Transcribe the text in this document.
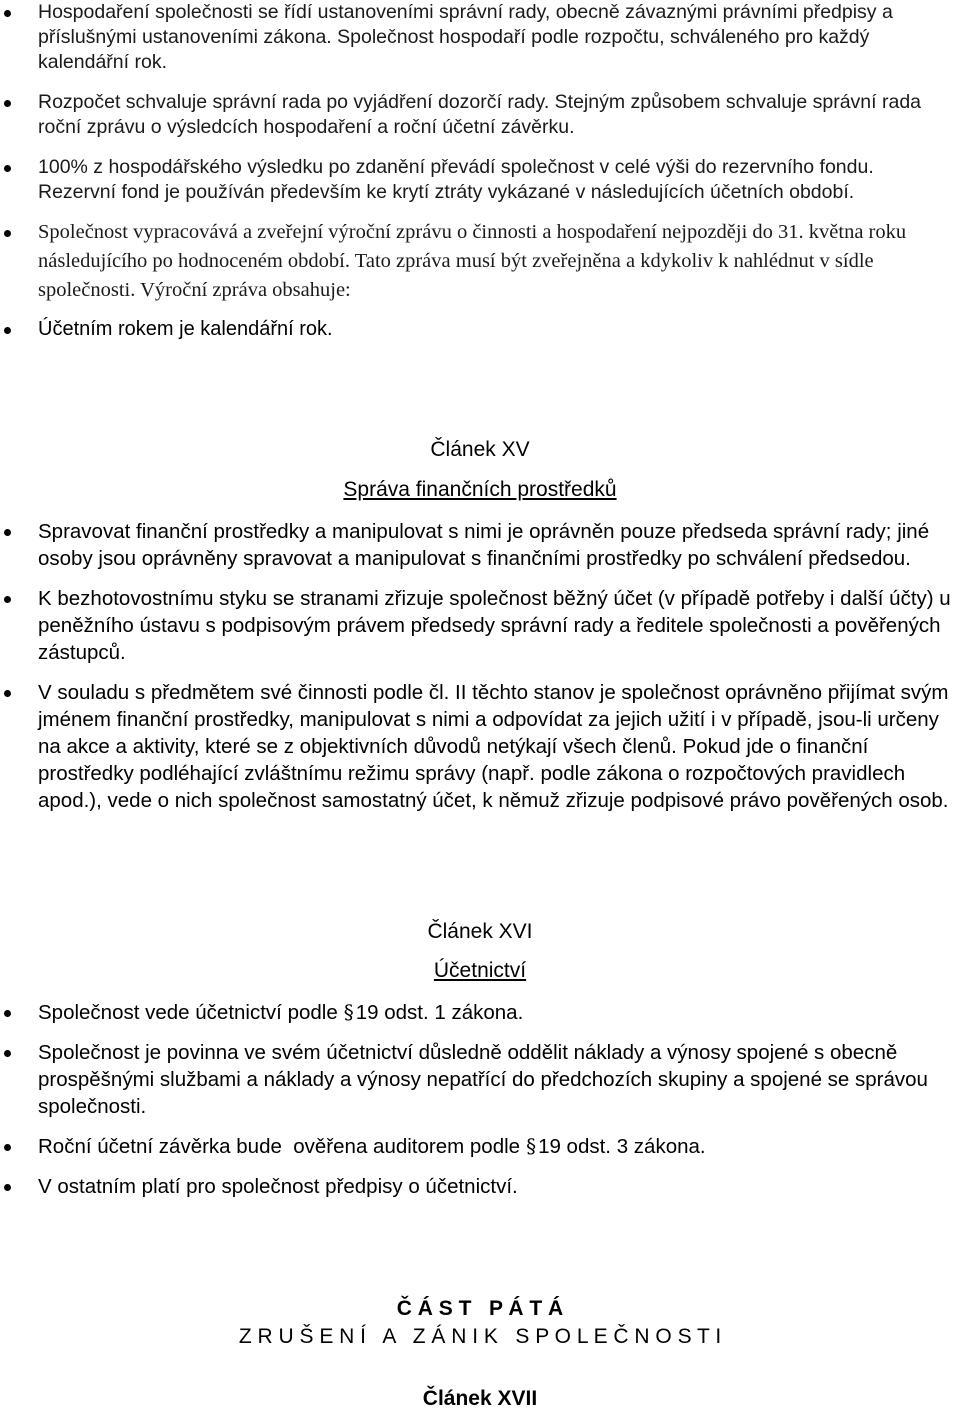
Hospodaření společnosti se řídí ustanoveními správní rady, obecně závaznými právními předpisy a příslušnými ustanoveními zákona. Společnost hospodaří podle rozpočtu, schváleného pro každý kalendářní rok.
Rozpočet schvaluje správní rada po vyjádření dozorčí rady. Stejným způsobem schvaluje správní rada roční zprávu o výsledcích hospodaření a roční účetní závěrku.
100% z hospodářského výsledku po zdanění převádí společnost v celé výši do rezervního fondu. Rezervní fond je používán především ke krytí ztráty vykázané v následujících účetních období.
Společnost vypracovává a zveřejní výroční zprávu o činnosti a hospodaření nejpozději do 31. května roku následujícího po hodnoceném období. Tato zpráva musí být zveřejněna a kdykoliv k nahlédnut v sídle společnosti. Výroční zpráva obsahuje:
Účetním rokem je kalendářní rok.
Článek XV
Správa finančních prostředků
Spravovat finanční prostředky a manipulovat s nimi je oprávněn pouze předseda správní rady; jiné osoby jsou oprávněny spravovat a manipulovat s finančními prostředky po schválení předsedou.
K bezhotovostnímu styku se stranami zřizuje společnost běžný účet (v případě potřeby i další účty) u peněžního ústavu s podpisovým právem předsedy správní rady a ředitele společnosti a pověřených zástupců.
V souladu s předmětem své činnosti podle čl. II těchto stanov je společnost oprávněno přijímat svým jménem finanční prostředky, manipulovat s nimi a odpovídat za jejich užití i v případě, jsou-li určeny na akce a aktivity, které se z objektivních důvodů netýkají všech členů. Pokud jde o finanční prostředky podléhající zvláštnímu režimu správy (např. podle zákona o rozpočtových pravidlech apod.), vede o nich společnost samostatný účet, k němuž zřizuje podpisové právo pověřených osob.
Článek XVI
Účetnictví
Společnost vede účetnictví podle §19 odst. 1 zákona.
Společnost je povinna ve svém účetnictví důsledně oddělit náklady a výnosy spojené s obecně prospěšnými službami a náklady a výnosy nepatřící do předchozích skupiny a spojené se správou společnosti.
Roční účetní závěrka bude  ověřena auditorem podle §19 odst. 3 zákona.
V ostatním platí pro společnost předpisy o účetnictví.
Č Á S T   P Á T Á
Z R U Š E N Í   A   Z Á N I K   S P O L E Č N O S T I
Článek XVII
